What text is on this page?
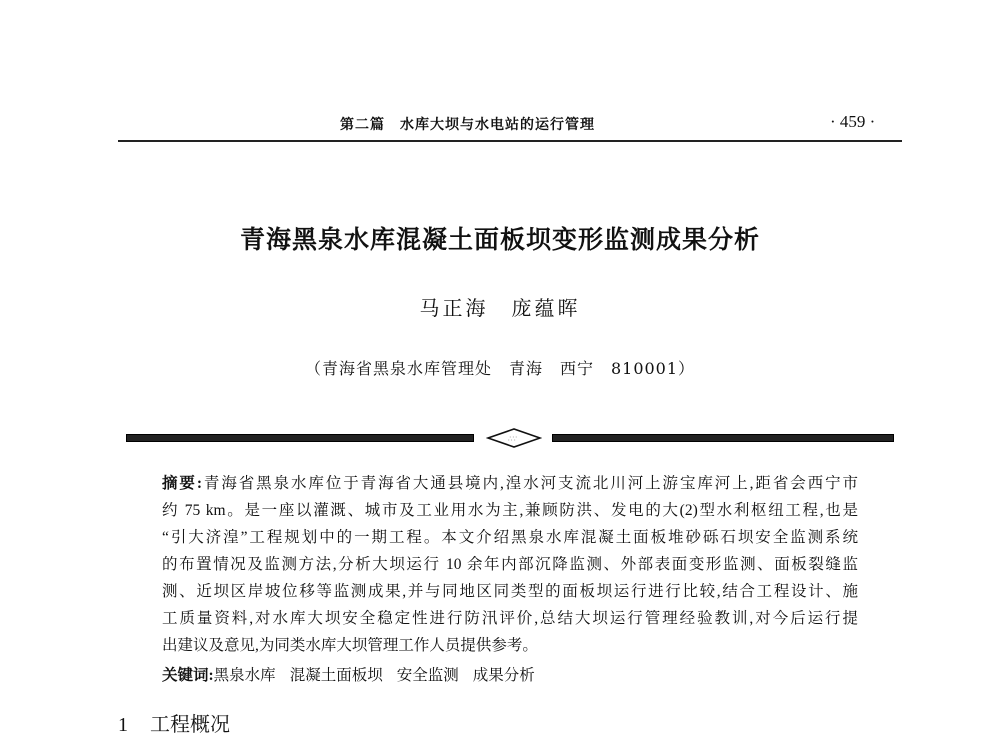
第二篇　水库大坝与水电站的运行管理	· 459 ·
青海黑泉水库混凝土面板坝变形监测成果分析
马正海　庞蕴晖
（青海省黑泉水库管理处　青海　西宁　810001）
∴∵
摘要:青海省黑泉水库位于青海省大通县境内,湟水河支流北川河上游宝库河上,距省会西宁市
约 75 km。是一座以灌溉、城市及工业用水为主,兼顾防洪、发电的大(2)型水利枢纽工程,也是
“引大济湟”工程规划中的一期工程。本文介绍黑泉水库混凝土面板堆砂砾石坝安全监测系统
的布置情况及监测方法,分析大坝运行 10 余年内部沉降监测、外部表面变形监测、面板裂缝监
测、近坝区岸坡位移等监测成果,并与同地区同类型的面板坝运行进行比较,结合工程设计、施
工质量资料,对水库大坝安全稳定性进行防汛评价,总结大坝运行管理经验教训,对今后运行提
出建议及意见,为同类水库大坝管理工作人员提供参考。
关键词:黑泉水库 混凝土面板坝 安全监测 成果分析
1 工程概况
